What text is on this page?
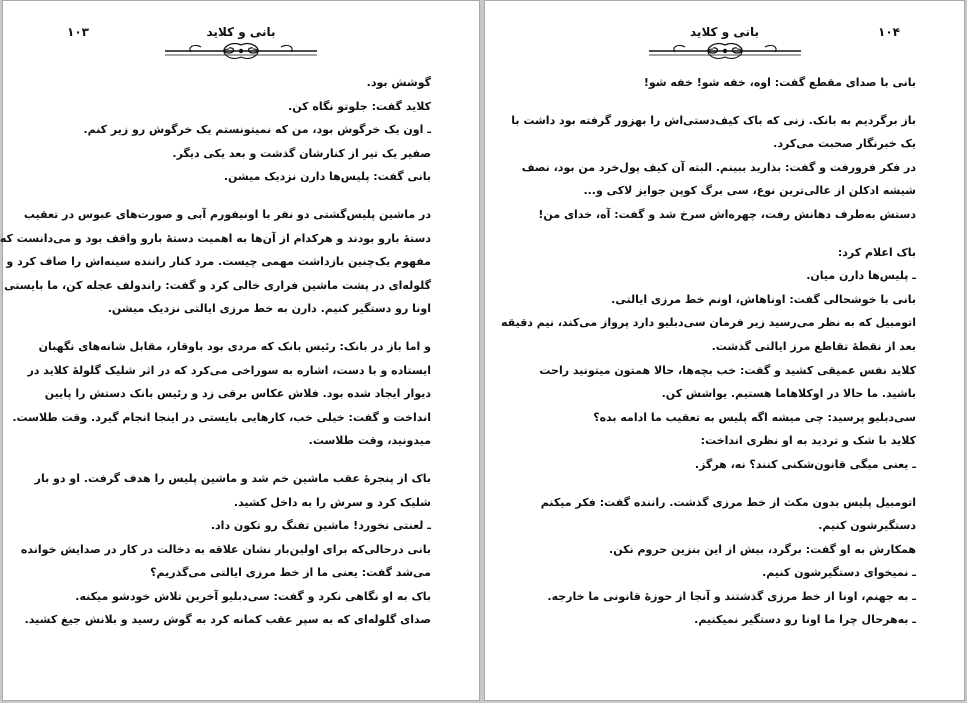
۱۰۳	بانی و کلاید
گوشش بود.
کلاید گفت: جلوتو نگاه کن.
ـ اون یک خرگوش بود، من که نمیتونستم یک خرگوش رو زیر کنم.
صفیر یک تیر از کنارشان گذشت و بعد یکی دیگر.
بانی گفت: پلیس‌ها دارن نزدیک میشن.
در ماشین پلیس‌گشتی دو نفر با اونیفورم آبی و صورت‌های عبوس در تعقیب
دستهٔ بارو بودند و هرکدام از آن‌ها به اهمیت دستهٔ بارو واقف بود و می‌دانست که
مفهوم یک‌چنین بازداشت مهمی چیست. مرد کنار راننده سینه‌اش را صاف کرد و
گلوله‌ای در پشت ماشین فراری خالی کرد و گفت: راندولف عجله کن، ما بایستی
اونا رو دستگیر کنیم. دارن به خط مرزی ایالتی نزدیک میشن.
و اما باز در بانک: رئیس بانک که مردی بود باوقار، مقابل شانه‌های نگهبان
ایستاده و با دست، اشاره به سوراخی می‌کرد که در اثر شلیک گلولهٔ کلاید در
دیوار ایجاد شده بود. فلاش عکاس برقی زد و رئیس بانک دستش را پایین
انداخت و گفت: خیلی خب، کارهایی بایستی در اینجا انجام گیرد. وقت طلاست.
میدونید، وقت طلاست.
باک از پنجرهٔ عقب ماشین خم شد و ماشین پلیس را هدف گرفت. او دو بار
شلیک کرد و سرش را به داخل کشید.
ـ لعنتی نخورد! ماشین تفنگ رو تکون داد.
بانی درحالی‌که برای اولین‌بار نشان علاقه به دخالت در کار در صدایش خوانده
می‌شد گفت: یعنی ما از خط مرزی ایالتی می‌گذریم؟
باک به او نگاهی نکرد و گفت: سی‌دبلیو آخرین تلاش خودشو میکنه.
صدای گلوله‌ای که به سپر عقب کمانه کرد به گوش رسید و بلانش جیغ کشید.
۱۰۴
بانی و کلاید
بانی با صدای مقطع گفت: اوه، خفه شو! خفه شو!
باز برگردیم به بانک. زنی که باک کیف‌دستی‌اش را بهزور گرفته بود داشت با
یک خبرنگار صحبت می‌کرد.
در فکر فرورفت و گفت: بذارید ببینم. البته آن کیف پول‌خرد من بود، نصف
شیشه ادکلن از عالی‌ترین نوع، سی برگ کوپن جوایز لاکی و...
دستش به‌طرف دهانش رفت، چهره‌اش سرخ شد و گفت: آه، خدای من!
باک اعلام کرد:
ـ پلیس‌ها دارن میان.
بانی با خوشحالی گفت: اوناهاش، اونم خط مرزی ایالتی.
اتومبیل که به نظر می‌رسید زیر فرمان سی‌دبلیو دارد پرواز می‌کند، نیم دقیقه
بعد از نقطهٔ تقاطع مرز ایالتی گذشت.
کلاید نفس عمیقی کشید و گفت: خب بچه‌ها، حالا همتون میتونید راحت
باشید. ما حالا در اوکلاهاما هستیم. یواشش کن.
سی‌دبلیو پرسید: چی میشه اگه پلیس به تعقیب ما ادامه بده؟
کلاید با شک و تردید به او نظری انداخت:
ـ یعنی میگی قانون‌شکنی کنند؟ نه، هرگز.
اتومبیل پلیس بدون مکث از خط مرزی گذشت. راننده گفت: فکر میکنم
دستگیرشون کنیم.
همکارش به او گفت: برگرد، بیش از این بنزین حروم نکن.
ـ نمیخوای دستگیرشون کنیم.
ـ به جهنم، اونا از خط مرزی گذشتند و آنجا از حوزهٔ قانونی ما خارجه.
ـ به‌هرحال چرا ما اونا رو دستگیر نمیکنیم.
